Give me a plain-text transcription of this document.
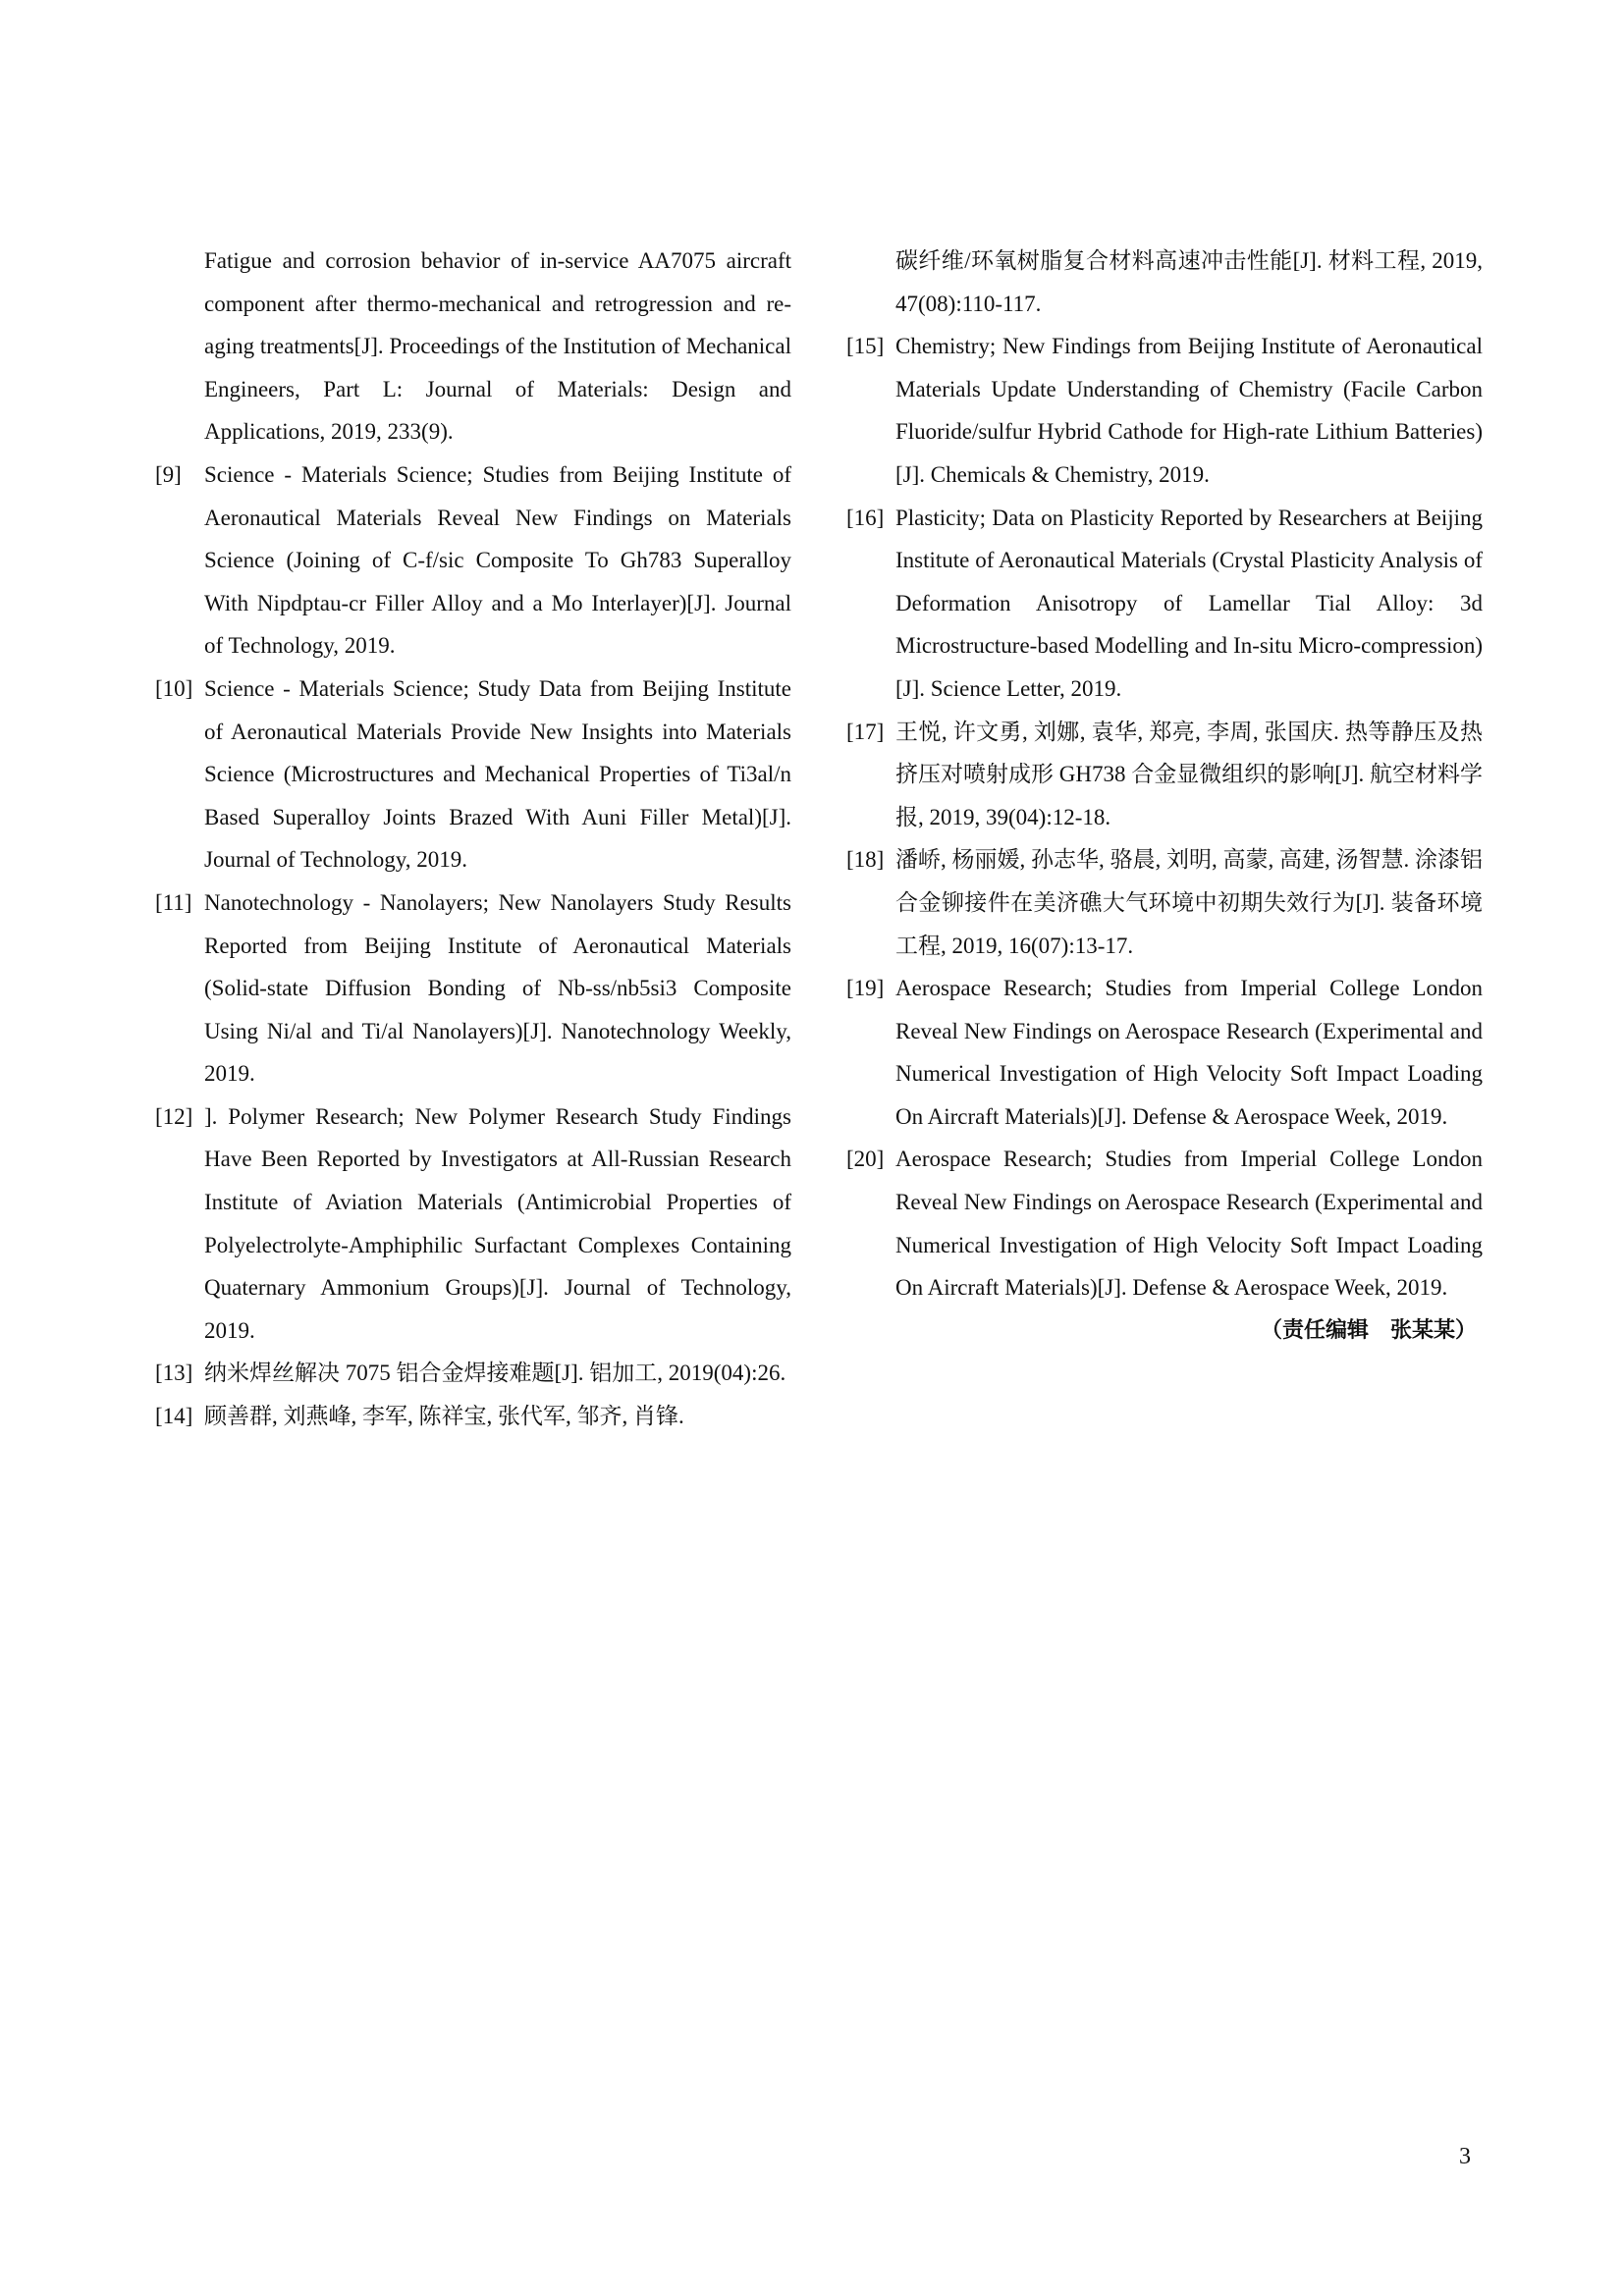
Fatigue and corrosion behavior of in-service AA7075 aircraft component after thermo-mechanical and retrogression and re-aging treatments[J]. Proceedings of the Institution of Mechanical Engineers, Part L: Journal of Materials: Design and Applications, 2019, 233(9).
[9] Science - Materials Science; Studies from Beijing Institute of Aeronautical Materials Reveal New Findings on Materials Science (Joining of C-f/sic Composite To Gh783 Superalloy With Nipdptau-cr Filler Alloy and a Mo Interlayer)[J]. Journal of Technology, 2019.
[10] Science - Materials Science; Study Data from Beijing Institute of Aeronautical Materials Provide New Insights into Materials Science (Microstructures and Mechanical Properties of Ti3al/n Based Superalloy Joints Brazed With Auni Filler Metal)[J]. Journal of Technology, 2019.
[11] Nanotechnology - Nanolayers; New Nanolayers Study Results Reported from Beijing Institute of Aeronautical Materials (Solid-state Diffusion Bonding of Nb-ss/nb5si3 Composite Using Ni/al and Ti/al Nanolayers)[J]. Nanotechnology Weekly, 2019.
[12] ]. Polymer Research; New Polymer Research Study Findings Have Been Reported by Investigators at All-Russian Research Institute of Aviation Materials (Antimicrobial Properties of Polyelectrolyte-Amphiphilic Surfactant Complexes Containing Quaternary Ammonium Groups)[J]. Journal of Technology, 2019.
[13] 纳米焊丝解决 7075 铝合金焊接难题[J]. 铝加工, 2019(04):26.
[14] 顾善群, 刘燕峰, 李军, 陈祥宝, 张代军, 邹齐, 肖锋.
碳纤维/环氧树脂复合材料高速冲击性能[J]. 材料工程, 2019, 47(08):110-117.
[15] Chemistry; New Findings from Beijing Institute of Aeronautical Materials Update Understanding of Chemistry (Facile Carbon Fluoride/sulfur Hybrid Cathode for High-rate Lithium Batteries)[J]. Chemicals & Chemistry, 2019.
[16] Plasticity; Data on Plasticity Reported by Researchers at Beijing Institute of Aeronautical Materials (Crystal Plasticity Analysis of Deformation Anisotropy of Lamellar Tial Alloy: 3d Microstructure-based Modelling and In-situ Micro-compression)[J]. Science Letter, 2019.
[17] 王悦, 许文勇, 刘娜, 袁华, 郑亮, 李周, 张国庆. 热等静压及热挤压对喷射成形 GH738 合金显微组织的影响[J]. 航空材料学报, 2019, 39(04):12-18.
[18] 潘峤, 杨丽媛, 孙志华, 骆晨, 刘明, 高蒙, 高建, 汤智慧. 涂漆铝合金铆接件在美济礁大气环境中初期失效行为[J]. 装备环境工程, 2019, 16(07):13-17.
[19] Aerospace Research; Studies from Imperial College London Reveal New Findings on Aerospace Research (Experimental and Numerical Investigation of High Velocity Soft Impact Loading On Aircraft Materials)[J]. Defense & Aerospace Week, 2019.
[20] Aerospace Research; Studies from Imperial College London Reveal New Findings on Aerospace Research (Experimental and Numerical Investigation of High Velocity Soft Impact Loading On Aircraft Materials)[J]. Defense & Aerospace Week, 2019.
（责任编辑　张某某）
3
